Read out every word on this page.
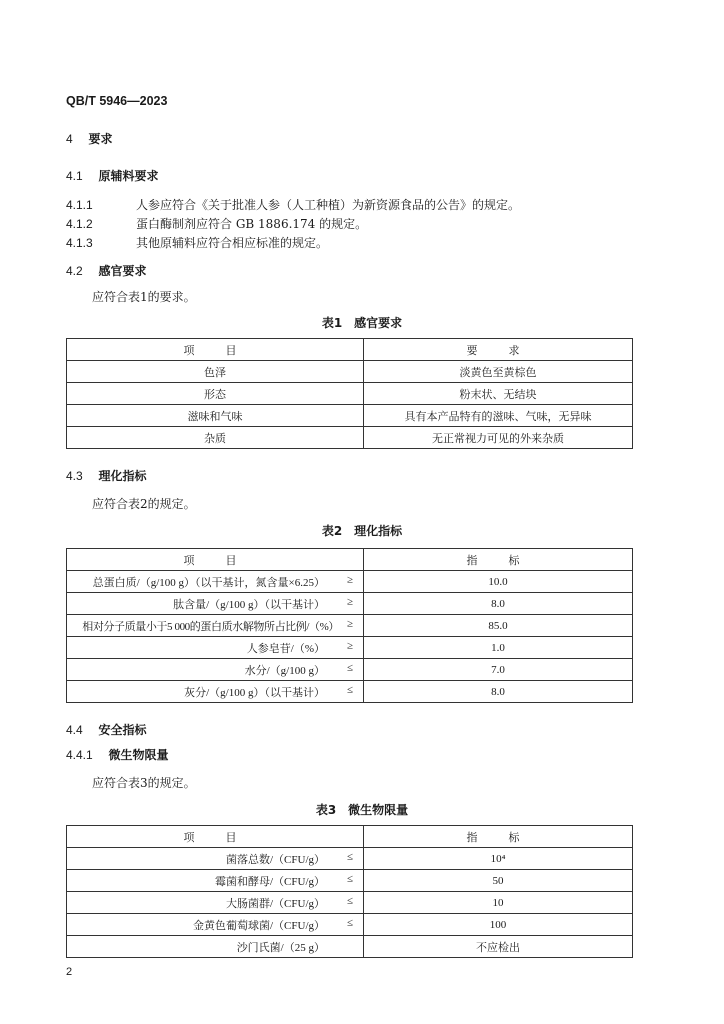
QB/T 5946—2023
4　 要求
4.1　 原辅料要求
4.1.1	人参应符合《关于批准人参（人工种植）为新资源食品的公告》的规定。
4.1.2	蛋白酶制剂应符合 GB 1886.174 的规定。
4.1.3	其他原辅料应符合相应标准的规定。
4.2　 感官要求
应符合表1的要求。
表1　感官要求
项　目	要　求
色泽	淡黄色至黄棕色
形态	粉末状、无结块
滋味和气味	具有本产品特有的滋味、气味，无异味
杂质	无正常视力可见的外来杂质
4.3　 理化指标
应符合表2的规定。
表2　理化指标
项　目	指　标

总蛋白质/（g/100 g）（以干基计，氮含量×6.25） ≥	10.0

肽含量/（g/100 g）（以干基计） ≥	8.0

相对分子质量小于5 000的蛋白质水解物所占比例/（%） ≥	85.0

人参皂苷/（%） ≥	1.0

水分/（g/100 g） ≤	7.0

灰分/（g/100 g）（以干基计） ≤	8.0
4.4　 安全指标
4.4.1　 微生物限量
应符合表3的规定。
表3　微生物限量
项　目	指　标

菌落总数/（CFU/g） ≤	10⁴

霉菌和酵母/（CFU/g） ≤	50

大肠菌群/（CFU/g） ≤	10

金黄色葡萄球菌/（CFU/g） ≤	100

沙门氏菌/（25 g）	不应检出
2
